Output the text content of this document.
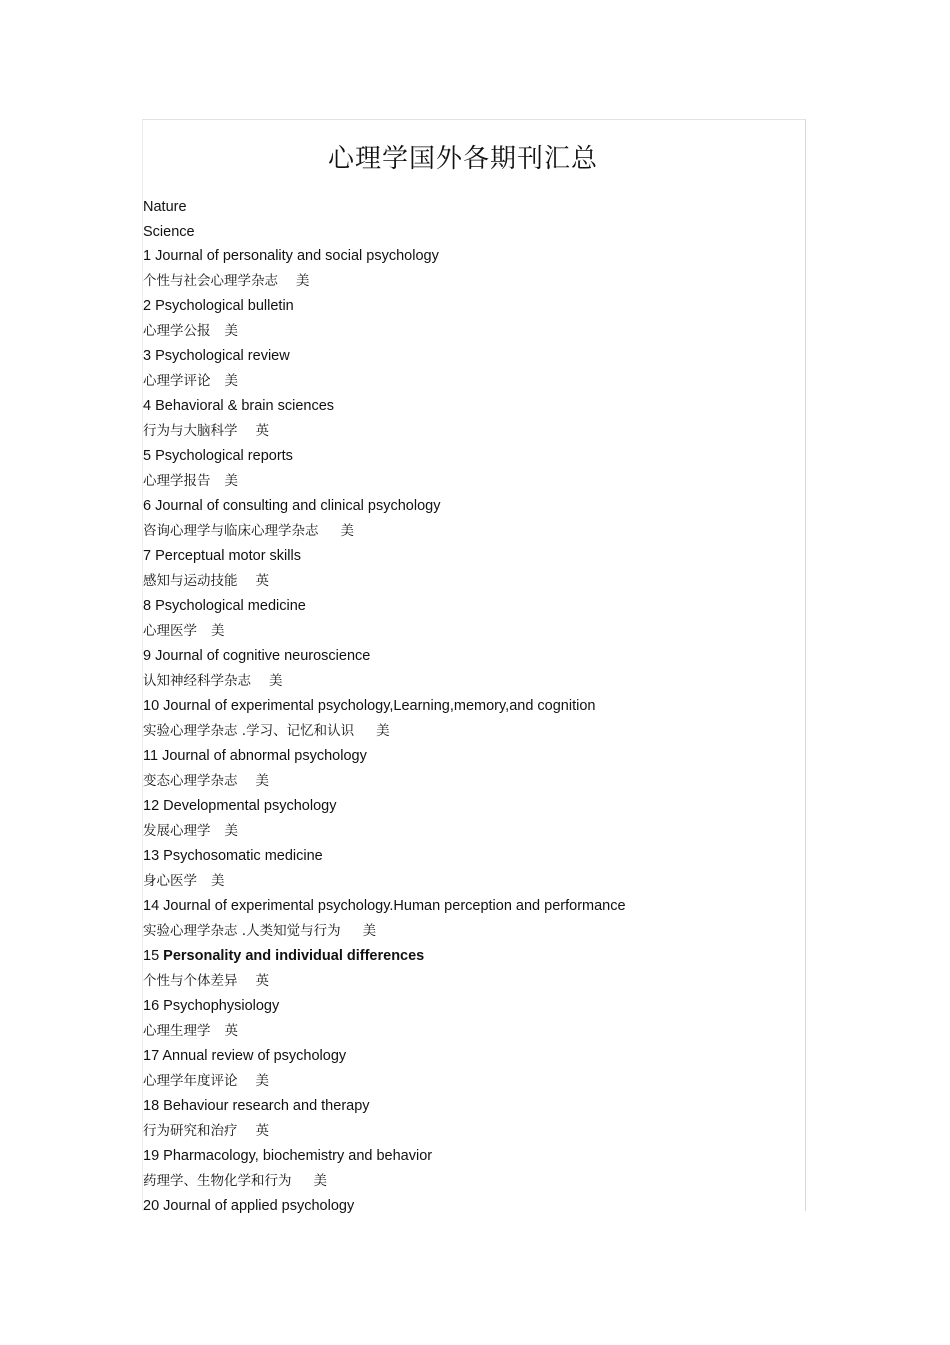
心理学国外各期刊汇总
Nature
Science
1 Journal of personality and social psychology
个性与社会心理学杂志 美
2 Psychological bulletin
心理学公报 美
3 Psychological review
心理学评论 美
4 Behavioral & brain sciences
行为与大脑科学 英
5 Psychological reports
心理学报告 美
6 Journal of consulting and clinical psychology
咨询心理学与临床心理学杂志 美
7 Perceptual motor skills
感知与运动技能 英
8 Psychological medicine
心理医学 美
9 Journal of cognitive neuroscience
认知神经科学杂志 美
10 Journal of experimental psychology,Learning,memory,and cognition
实验心理学杂志 .学习、记忆和认识 美
11 Journal of abnormal psychology
变态心理学杂志 美
12 Developmental psychology
发展心理学 美
13 Psychosomatic medicine
身心医学 美
14 Journal of experimental psychology.Human perception and performance
实验心理学杂志 .人类知觉与行为 美
15 Personality and individual differences
个性与个体差异 英
16 Psychophysiology
心理生理学 英
17 Annual review of psychology
心理学年度评论 美
18 Behaviour research and therapy
行为研究和治疗 英
19 Pharmacology, biochemistry and behavior
药理学、生物化学和行为 美
20 Journal of applied psychology
